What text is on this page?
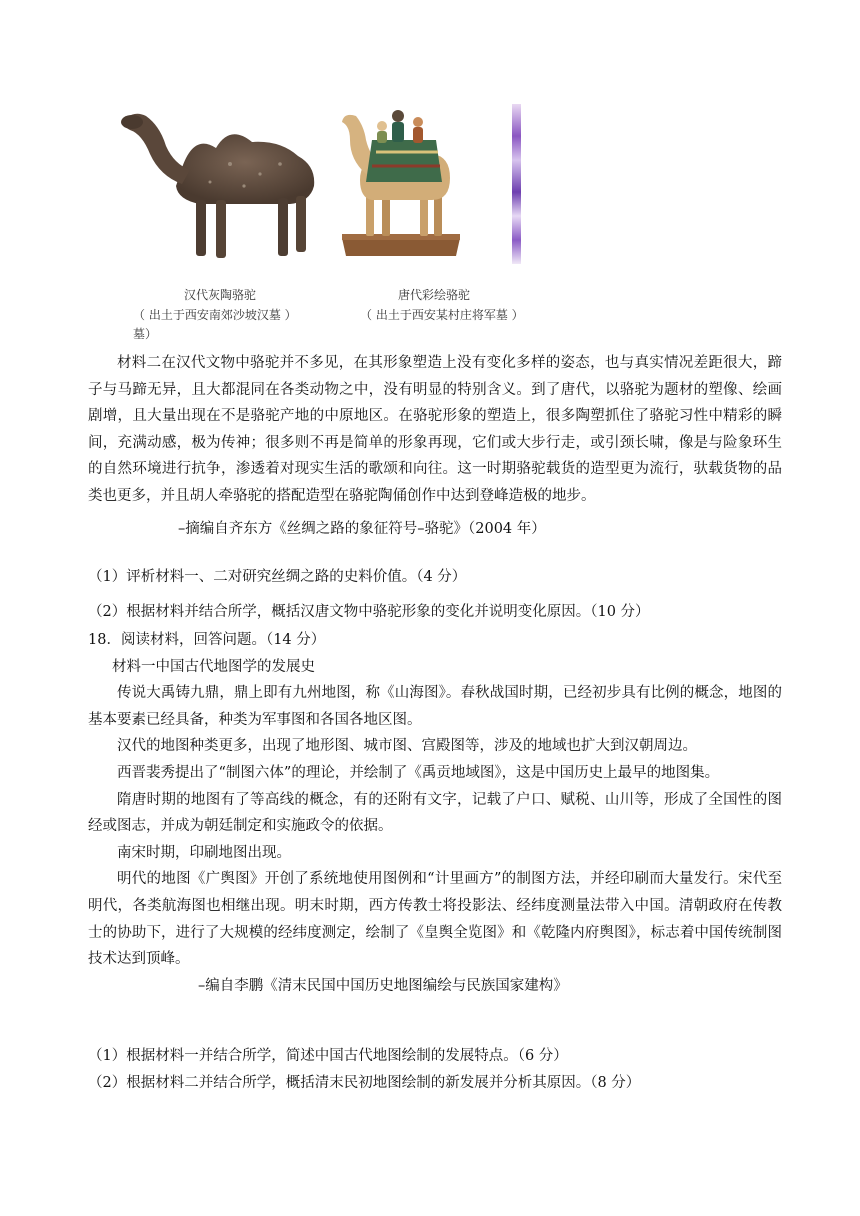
汉代灰陶骆驼
（ 出土于西安南郊沙坡汉墓 ）
墓）
唐代彩绘骆驼
（ 出土于西安某村庄将军墓 ）

材料二在汉代文物中骆驼并不多见，在其形象塑造上没有变化多样的姿态，也与真实情况差距很大，蹄子与马蹄无异，且大都混同在各类动物之中，没有明显的特别含义。到了唐代，以骆驼为题材的塑像、绘画剧增，且大量出现在不是骆驼产地的中原地区。在骆驼形象的塑造上，很多陶塑抓住了骆驼习性中精彩的瞬间，充满动感，极为传神；很多则不再是简单的形象再现，它们或大步行走，或引颈长啸，像是与险象环生的自然环境进行抗争，渗透着对现实生活的歌颂和向往。这一时期骆驼载货的造型更为流行，驮载货物的品类也更多，并且胡人牵骆驼的搭配造型在骆驼陶俑创作中达到登峰造极的地步。

–摘编自齐东方《丝绸之路的象征符号–骆驼》（2004 年）

（1）评析材料一、二对研究丝绸之路的史料价值。（4 分）

（2）根据材料并结合所学，概括汉唐文物中骆驼形象的变化并说明变化原因。（10 分）

18．阅读材料，回答问题。（14 分）

材料一中国古代地图学的发展史

传说大禹铸九鼎，鼎上即有九州地图，称《山海图》。春秋战国时期，已经初步具有比例的概念，地图的基本要素已经具备，种类为军事图和各国各地区图。

汉代的地图种类更多，出现了地形图、城市图、宫殿图等，涉及的地域也扩大到汉朝周边。

西晋裴秀提出了“制图六体”的理论，并绘制了《禹贡地域图》，这是中国历史上最早的地图集。

隋唐时期的地图有了等高线的概念，有的还附有文字，记载了户口、赋税、山川等，形成了全国性的图经或图志，并成为朝廷制定和实施政令的依据。

南宋时期，印刷地图出现。

明代的地图《广舆图》开创了系统地使用图例和“计里画方”的制图方法，并经印刷而大量发行。宋代至明代，各类航海图也相继出现。明末时期，西方传教士将投影法、经纬度测量法带入中国。清朝政府在传教士的协助下，进行了大规模的经纬度测定，绘制了《皇舆全览图》和《乾隆内府舆图》，标志着中国传统制图技术达到顶峰。

–编自李鹏《清末民国中国历史地图编绘与民族国家建构》

（1）根据材料一并结合所学，简述中国古代地图绘制的发展特点。（6 分）

（2）根据材料二并结合所学，概括清末民初地图绘制的新发展并分析其原因。（8 分）
